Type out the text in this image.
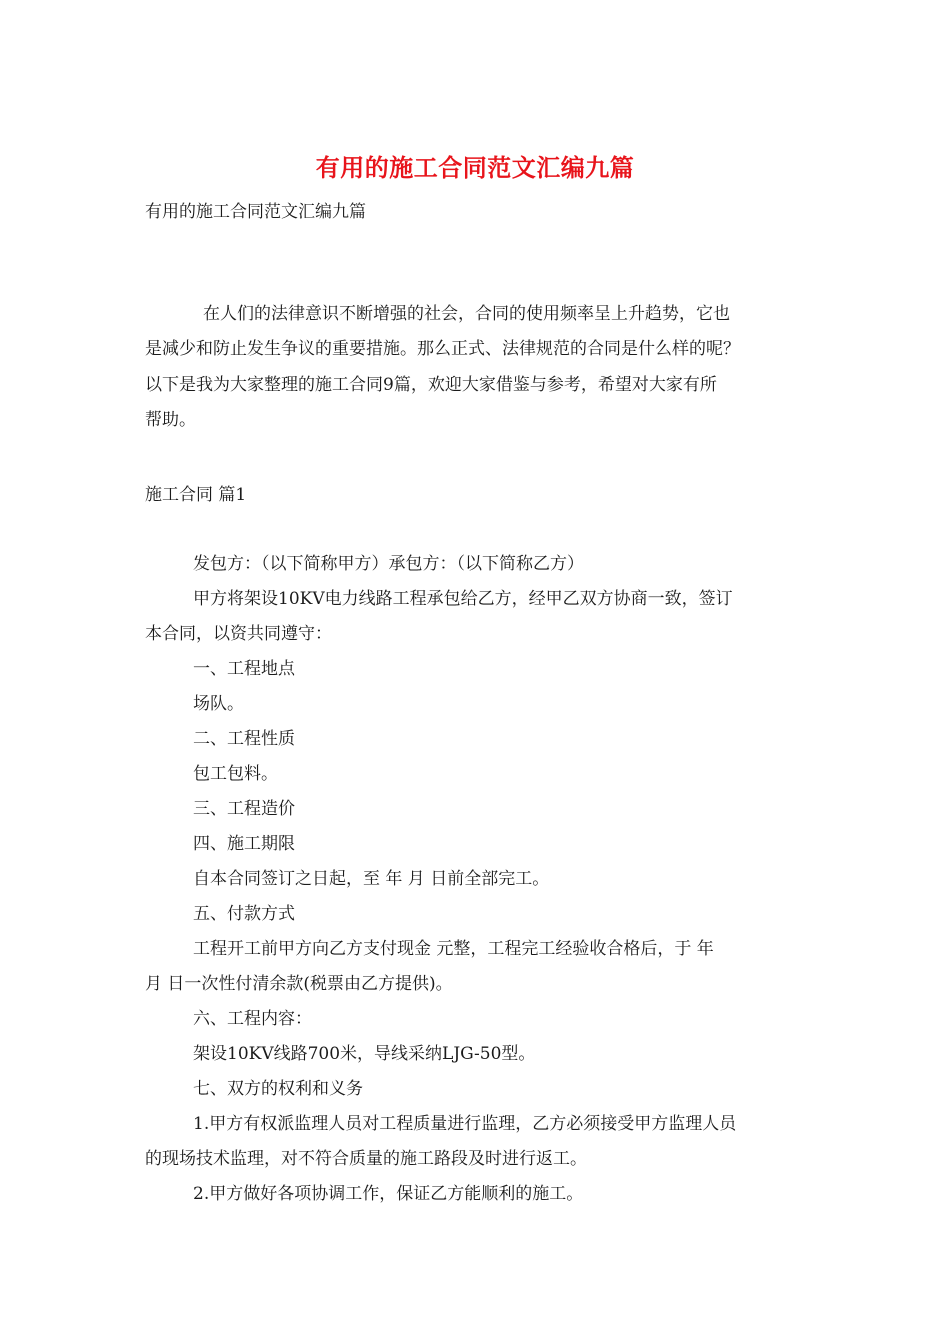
有用的施工合同范文汇编九篇
有用的施工合同范文汇编九篇
在人们的法律意识不断增强的社会，合同的使用频率呈上升趋势，它也
是减少和防止发生争议的重要措施。那么正式、法律规范的合同是什么样的呢？
以下是我为大家整理的施工合同9篇，欢迎大家借鉴与参考，希望对大家有所
帮助。
施工合同 篇1
发包方：（以下简称甲方）承包方：（以下简称乙方）
甲方将架设10KV电力线路工程承包给乙方，经甲乙双方协商一致，签订
本合同，以资共同遵守：
一、工程地点
场队。
二、工程性质
包工包料。
三、工程造价
四、施工期限
自本合同签订之日起，至 年 月 日前全部完工。
五、付款方式
工程开工前甲方向乙方支付现金 元整，工程完工经验收合格后，于 年
月 日一次性付清余款(税票由乙方提供)。
六、工程内容：
架设10KV线路700米，导线采纳LJG-50型。
七、双方的权利和义务
1.甲方有权派监理人员对工程质量进行监理，乙方必须接受甲方监理人员
的现场技术监理，对不符合质量的施工路段及时进行返工。
2.甲方做好各项协调工作，保证乙方能顺利的施工。
